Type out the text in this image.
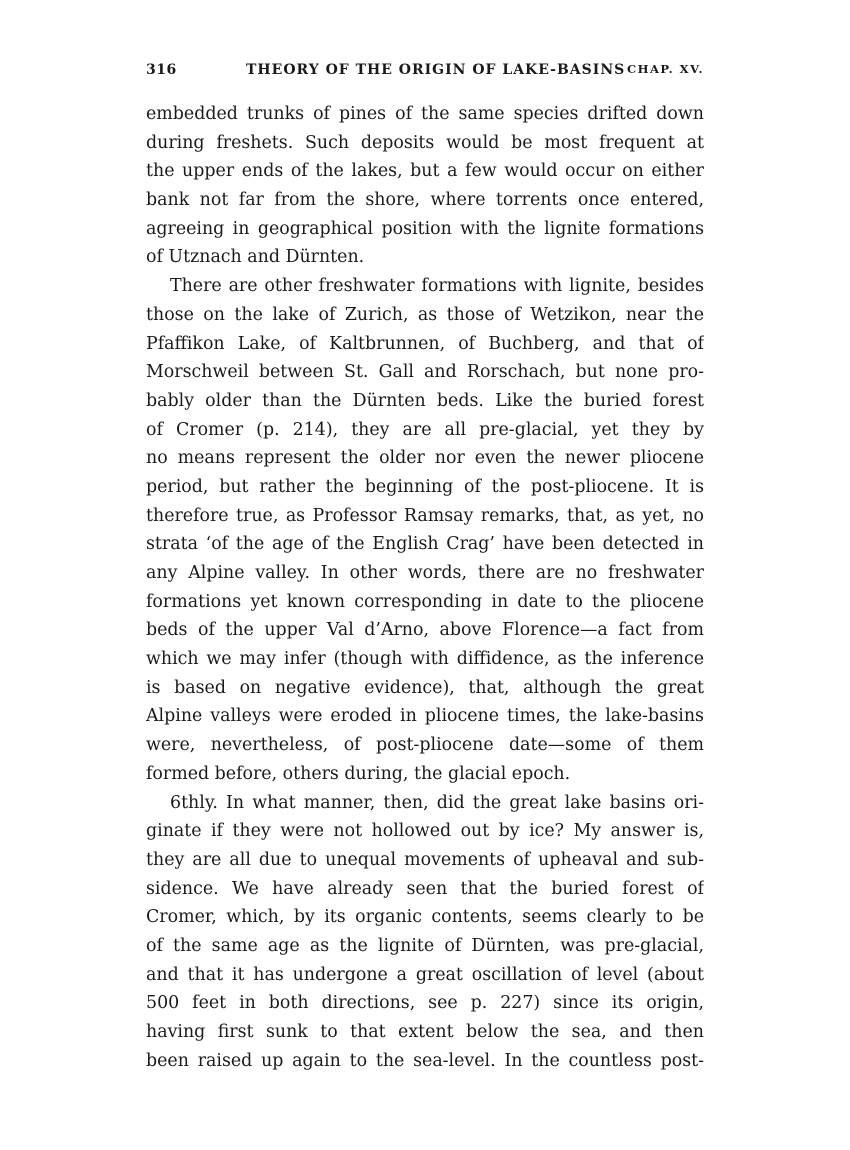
316	THEORY OF THE ORIGIN OF LAKE-BASINS CHAP. XV.
embedded trunks of pines of the same species drifted down
during freshets. Such deposits would be most frequent at
the upper ends of the lakes, but a few would occur on either
bank not far from the shore, where torrents once entered,
agreeing in geographical position with the lignite formations
of Utznach and Dürnten.
There are other freshwater formations with lignite, besides
those on the lake of Zurich, as those of Wetzikon, near the
Pfaffikon Lake, of Kaltbrunnen, of Buchberg, and that of
Morschweil between St. Gall and Rorschach, but none pro-
bably older than the Dürnten beds. Like the buried forest
of Cromer (p. 214), they are all pre-glacial, yet they by
no means represent the older nor even the newer pliocene
period, but rather the beginning of the post-pliocene. It is
therefore true, as Professor Ramsay remarks, that, as yet, no
strata ‘of the age of the English Crag’ have been detected in
any Alpine valley. In other words, there are no freshwater
formations yet known corresponding in date to the pliocene
beds of the upper Val d’Arno, above Florence—a fact from
which we may infer (though with diffidence, as the inference
is based on negative evidence), that, although the great
Alpine valleys were eroded in pliocene times, the lake-basins
were, nevertheless, of post-pliocene date—some of them
formed before, others during, the glacial epoch.
6thly. In what manner, then, did the great lake basins ori-
ginate if they were not hollowed out by ice? My answer is,
they are all due to unequal movements of upheaval and sub-
sidence. We have already seen that the buried forest of
Cromer, which, by its organic contents, seems clearly to be
of the same age as the lignite of Dürnten, was pre-glacial,
and that it has undergone a great oscillation of level (about
500 feet in both directions, see p. 227) since its origin,
having first sunk to that extent below the sea, and then
been raised up again to the sea-level. In the countless post-
